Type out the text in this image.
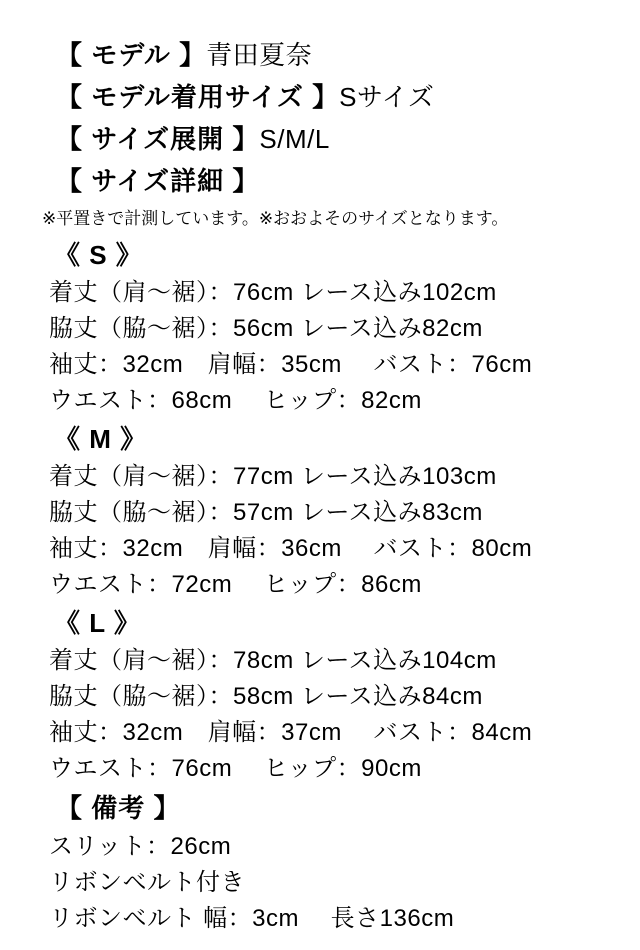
【 モデル 】青田夏奈
【 モデル着用サイズ 】Sサイズ
【 サイズ展開 】S/M/L
【 サイズ詳細 】
※平置きで計測しています。※おおよそのサイズとなります。
《 S 》
着丈（肩〜裾）：76cm レース込み102cm
脇丈（脇〜裾）：56cm レース込み82cm
袖丈：32cm　肩幅：35cm　 バスト：76cm
ウエスト：68cm　 ヒップ：82cm
《 M 》
着丈（肩〜裾）：77cm レース込み103cm
脇丈（脇〜裾）：57cm レース込み83cm
袖丈：32cm　肩幅：36cm　 バスト：80cm
ウエスト：72cm　 ヒップ：86cm
《 L 》
着丈（肩〜裾）：78cm レース込み104cm
脇丈（脇〜裾）：58cm レース込み84cm
袖丈：32cm　肩幅：37cm　 バスト：84cm
ウエスト：76cm　 ヒップ：90cm
【 備考 】
スリット：26cm
リボンベルト付き
リボンベルト 幅：3cm　 長さ136cm
